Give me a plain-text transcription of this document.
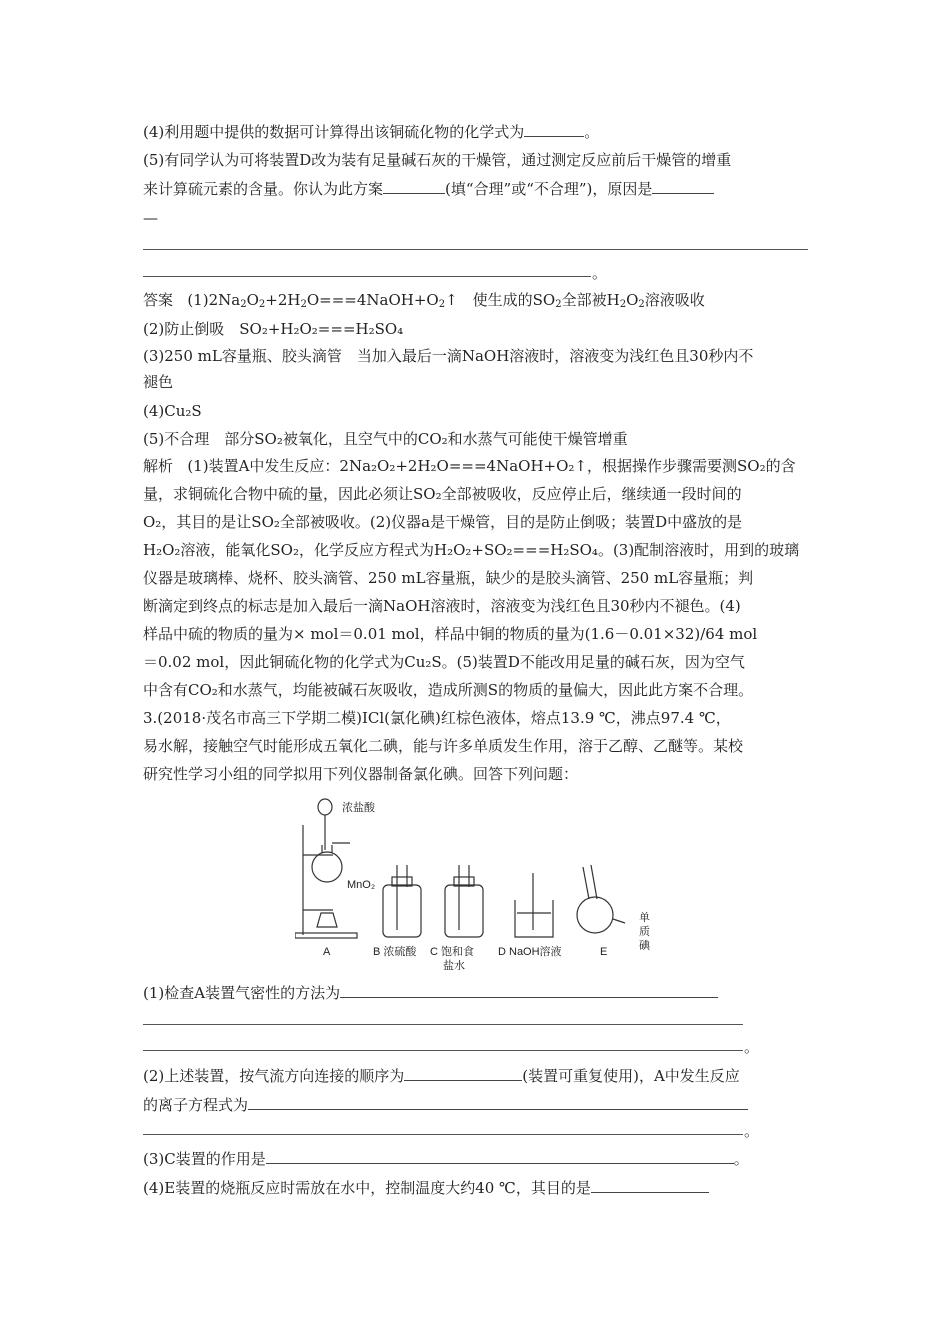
(4)利用题中提供的数据可计算得出该铜硫化物的化学式为	。
(5)有同学认为可将装置D改为装有足量碱石灰的干燥管，通过测定反应前后干燥管的增重
来计算硫元素的含量。你认为此方案	(填“合理”或“不合理”)，原因是
—
。
答案 $(1)2Na_2O_2+2H_2O===4NaOH+O_2↑$　使生成的$SO_2$全部被$H_2O_2$溶液吸收
(2)防止倒吸　SO₂+H₂O₂===H₂SO₄
(3)250 mL容量瓶、胶头滴管　当加入最后一滴NaOH溶液时，溶液变为浅红色且30秒内不
褪色
(4)Cu₂S
(5)不合理　部分SO₂被氧化，且空气中的CO₂和水蒸气可能使干燥管增重
解析 (1)装置A中发生反应：2Na₂O₂+2H₂O===4NaOH+O₂↑，根据操作步骤需要测SO₂的含
量，求铜硫化合物中硫的量，因此必须让SO₂全部被吸收，反应停止后，继续通一段时间的
O₂，其目的是让SO₂全部被吸收。(2)仪器a是干燥管，目的是防止倒吸；装置D中盛放的是
H₂O₂溶液，能氧化SO₂，化学反应方程式为H₂O₂+SO₂===H₂SO₄。(3)配制溶液时，用到的玻璃
仪器是玻璃棒、烧杯、胶头滴管、250 mL容量瓶，缺少的是胶头滴管、250 mL容量瓶；判
断滴定到终点的标志是加入最后一滴NaOH溶液时，溶液变为浅红色且30秒内不褪色。(4)
样品中硫的物质的量为× mol＝0.01 mol，样品中铜的物质的量为(1.6－0.01×32)/64 mol
＝0.02 mol，因此铜硫化物的化学式为Cu₂S。(5)装置D不能改用足量的碱石灰，因为空气
中含有CO₂和水蒸气，均能被碱石灰吸收，造成所测S的物质的量偏大，因此此方案不合理。
3.(2018·茂名市高三下学期二模)ICl(氯化碘)红棕色液体，熔点13.9 ℃，沸点97.4 ℃，
易水解，接触空气时能形成五氧化二碘，能与许多单质发生作用，溶于乙醇、乙醚等。某校
研究性学习小组的同学拟用下列仪器制备氯化碘。回答下列问题：
浓盐酸
MnO₂
A	B 浓硫酸 C 饱和食
盐水
D NaOH溶液	E
单
质
碘
(1)检查A装置气密性的方法为
。
(2)上述装置，按气流方向连接的顺序为	(装置可重复使用)，A中发生反应
的离子方程式为
。
(3)C装置的作用是	。
(4)E装置的烧瓶反应时需放在水中，控制温度大约40 ℃，其目的是
